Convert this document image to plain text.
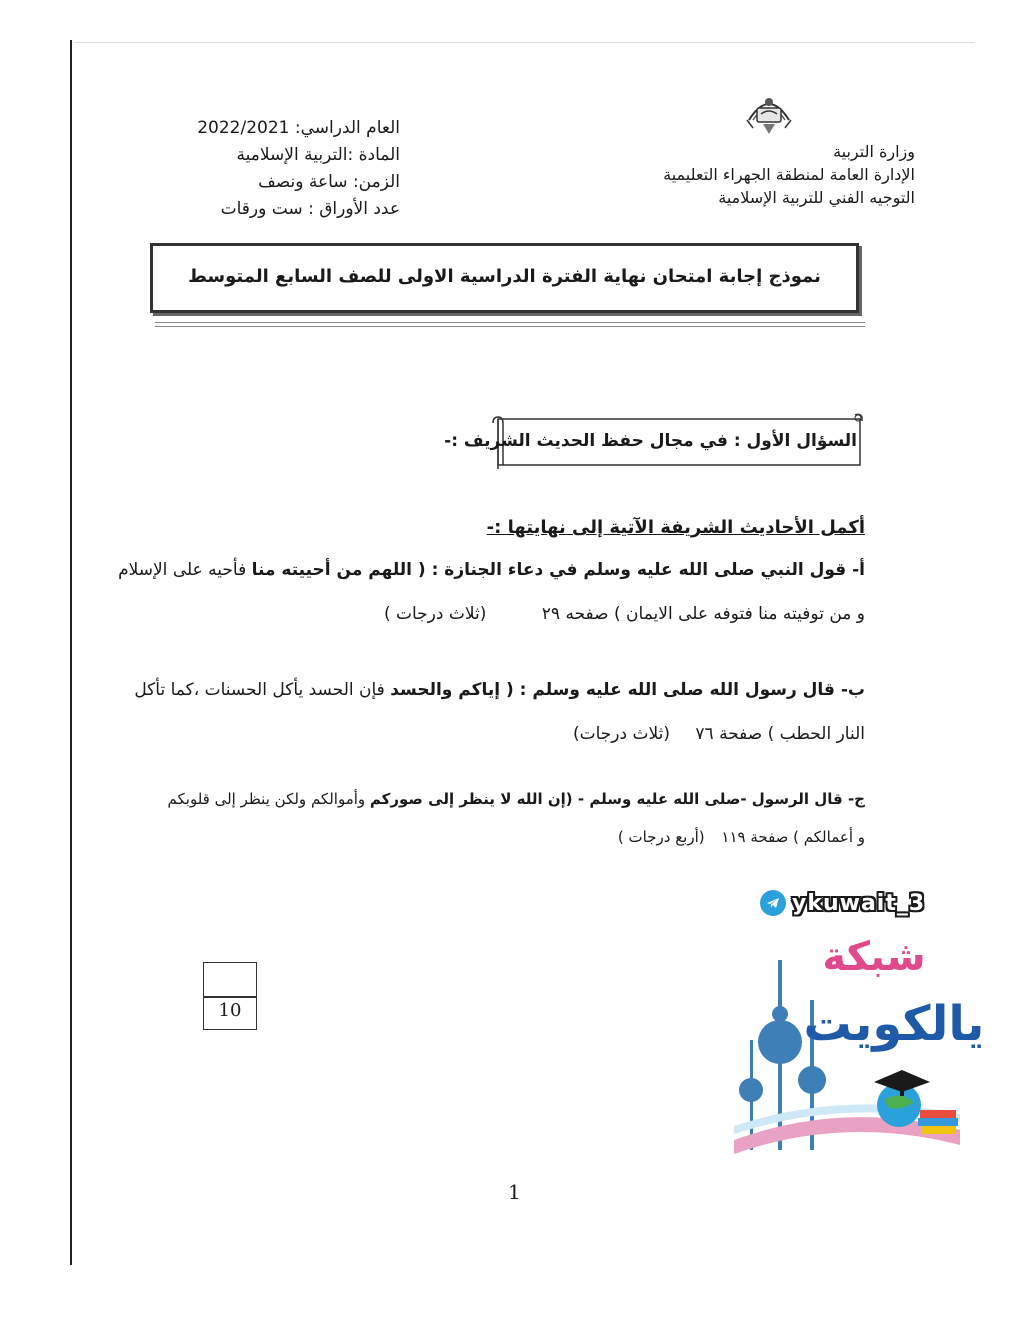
وزارة التربية
الإدارة العامة لمنطقة الجهراء التعليمية
التوجيه الفني للتربية الإسلامية
العام الدراسي: 2022/2021
المادة :التربية الإسلامية
الزمن: ساعة ونصف
عدد الأوراق : ست ورقات
نموذج إجابة امتحان نهاية الفترة الدراسية الاولى للصف السابع المتوسط
السؤال الأول : في مجال حفظ الحديث الشريف :-
أكمل الأحاديث الشريفة الآتية إلى نهايتها :-
أ- قول النبي صلى الله عليه وسلم في دعاء الجنازة : ( اللهم من أحييته منا فأحيه على الإسلام
و من توفيته منا فتوفه على الايمان ) صفحه ٢٩ (ثلاث درجات )
ب- قال رسول الله صلى الله عليه وسلم : ( إياكم والحسد فإن الحسد يأكل الحسنات ،كما تأكل
النار الحطب ) صفحة ٧٦ (ثلاث درجات)
ج- قال الرسول -صلى الله عليه وسلم - (إن الله لا ينظر إلى صوركم وأموالكم ولكن ينظر إلى قلوبكم
و أعمالكم ) صفحة ١١٩ (أربع درجات )
10
1
ykuwait_3
شبكة
يالكويت
